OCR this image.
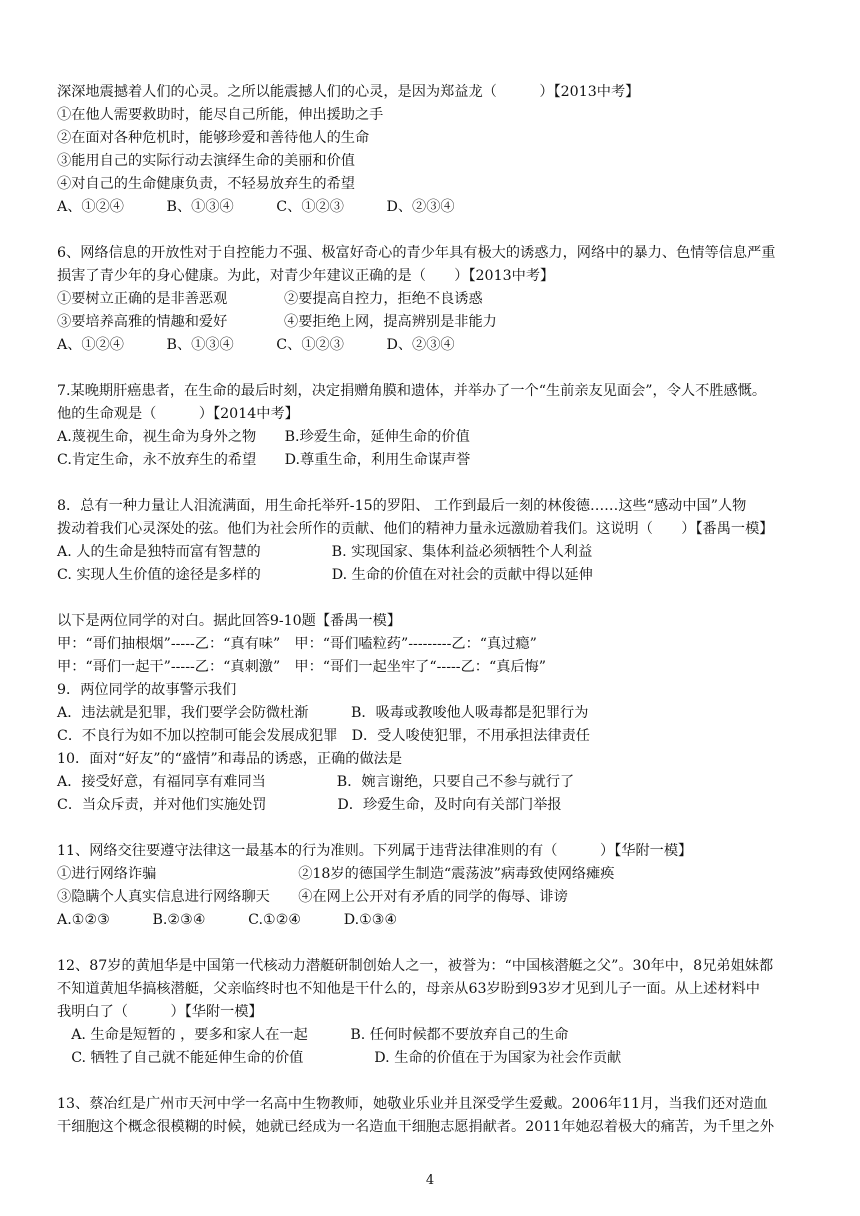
深深地震撼着人们的心灵。之所以能震撼人们的心灵，是因为郑益龙（　　　）【2013中考】

①在他人需要救助时，能尽自己所能，伸出援助之手

②在面对各种危机时，能够珍爱和善待他人的生命

③能用自己的实际行动去演绎生命的美丽和价值

④对自己的生命健康负责，不轻易放弃生的希望

A、①②④　　　B、①③④　　　C、①②③　　　D、②③④

6、网络信息的开放性对于自控能力不强、极富好奇心的青少年具有极大的诱惑力，网络中的暴力、色情等信息严重

损害了青少年的身心健康。为此，对青少年建议正确的是（　　）【2013中考】

①要树立正确的是非善恶观　　　　②要提高自控力，拒绝不良诱惑

③要培养高雅的情趣和爱好　　　　④要拒绝上网，提高辨别是非能力

A、①②④　　　B、①③④　　　C、①②③　　　D、②③④

7.某晚期肝癌患者，在生命的最后时刻，决定捐赠角膜和遗体，并举办了一个“生前亲友见面会”，令人不胜感慨。

他的生命观是（　　　）【2014中考】

A.蔑视生命，视生命为身外之物　　B.珍爱生命，延伸生命的价值

C.肯定生命，永不放弃生的希望　　D.尊重生命，利用生命谋声誉

8．总有一种力量让人泪流满面，用生命托举歼-15的罗阳、 工作到最后一刻的林俊德……这些“感动中国”人物

拨动着我们心灵深处的弦。他们为社会所作的贡献、他们的精神力量永远激励着我们。这说明（　　）【番禺一模】

A. 人的生命是独特而富有智慧的　　　　　B. 实现国家、集体利益必须牺牲个人利益

C. 实现人生价值的途径是多样的　　　　　D. 生命的价值在对社会的贡献中得以延伸

以下是两位同学的对白。据此回答9-10题【番禺一模】

甲：“哥们抽根烟”-----乙：“真有味”　甲：“哥们嗑粒药”---------乙：“真过瘾”

甲：“哥们一起干”-----乙：“真刺激”　甲：“哥们一起坐牢了“-----乙：“真后悔”

9．两位同学的故事警示我们

A．违法就是犯罪，我们要学会防微杜渐　　　B．吸毒或教唆他人吸毒都是犯罪行为

C．不良行为如不加以控制可能会发展成犯罪　D．受人唆使犯罪，不用承担法律责任

10．面对“好友”的“盛情”和毒品的诱惑，正确的做法是

A．接受好意，有福同享有难同当　　　　　B．婉言谢绝，只要自己不参与就行了

C．当众斥责，并对他们实施处罚　　　　　D．珍爱生命，及时向有关部门举报

11、网络交往要遵守法律这一最基本的行为准则。下列属于违背法律准则的有（　　　）【华附一模】

①进行网络诈骗　　　　　　　　　　②18岁的德国学生制造“震荡波”病毒致使网络瘫痪

③隐瞒个人真实信息进行网络聊天　　④在网上公开对有矛盾的同学的侮辱、诽谤

A.①②③　　　B.②③④　　　C.①②④　　　D.①③④

12、87岁的黄旭华是中国第一代核动力潜艇研制创始人之一，被誉为：“中国核潜艇之父”。30年中，8兄弟姐妹都

不知道黄旭华搞核潜艇，父亲临终时也不知他是干什么的，母亲从63岁盼到93岁才见到儿子一面。从上述材料中

我明白了（　　　）【华附一模】

　A. 生命是短暂的 ，要多和家人在一起　　　B. 任何时候都不要放弃自己的生命

　C. 牺牲了自己就不能延伸生命的价值　　　　　D. 生命的价值在于为国家为社会作贡献

13、蔡冶红是广州市天河中学一名高中生物教师，她敬业乐业并且深受学生爱戴。2006年11月，当我们还对造血

干细胞这个概念很模糊的时候，她就已经成为一名造血干细胞志愿捐献者。2011年她忍着极大的痛苦，为千里之外

4
